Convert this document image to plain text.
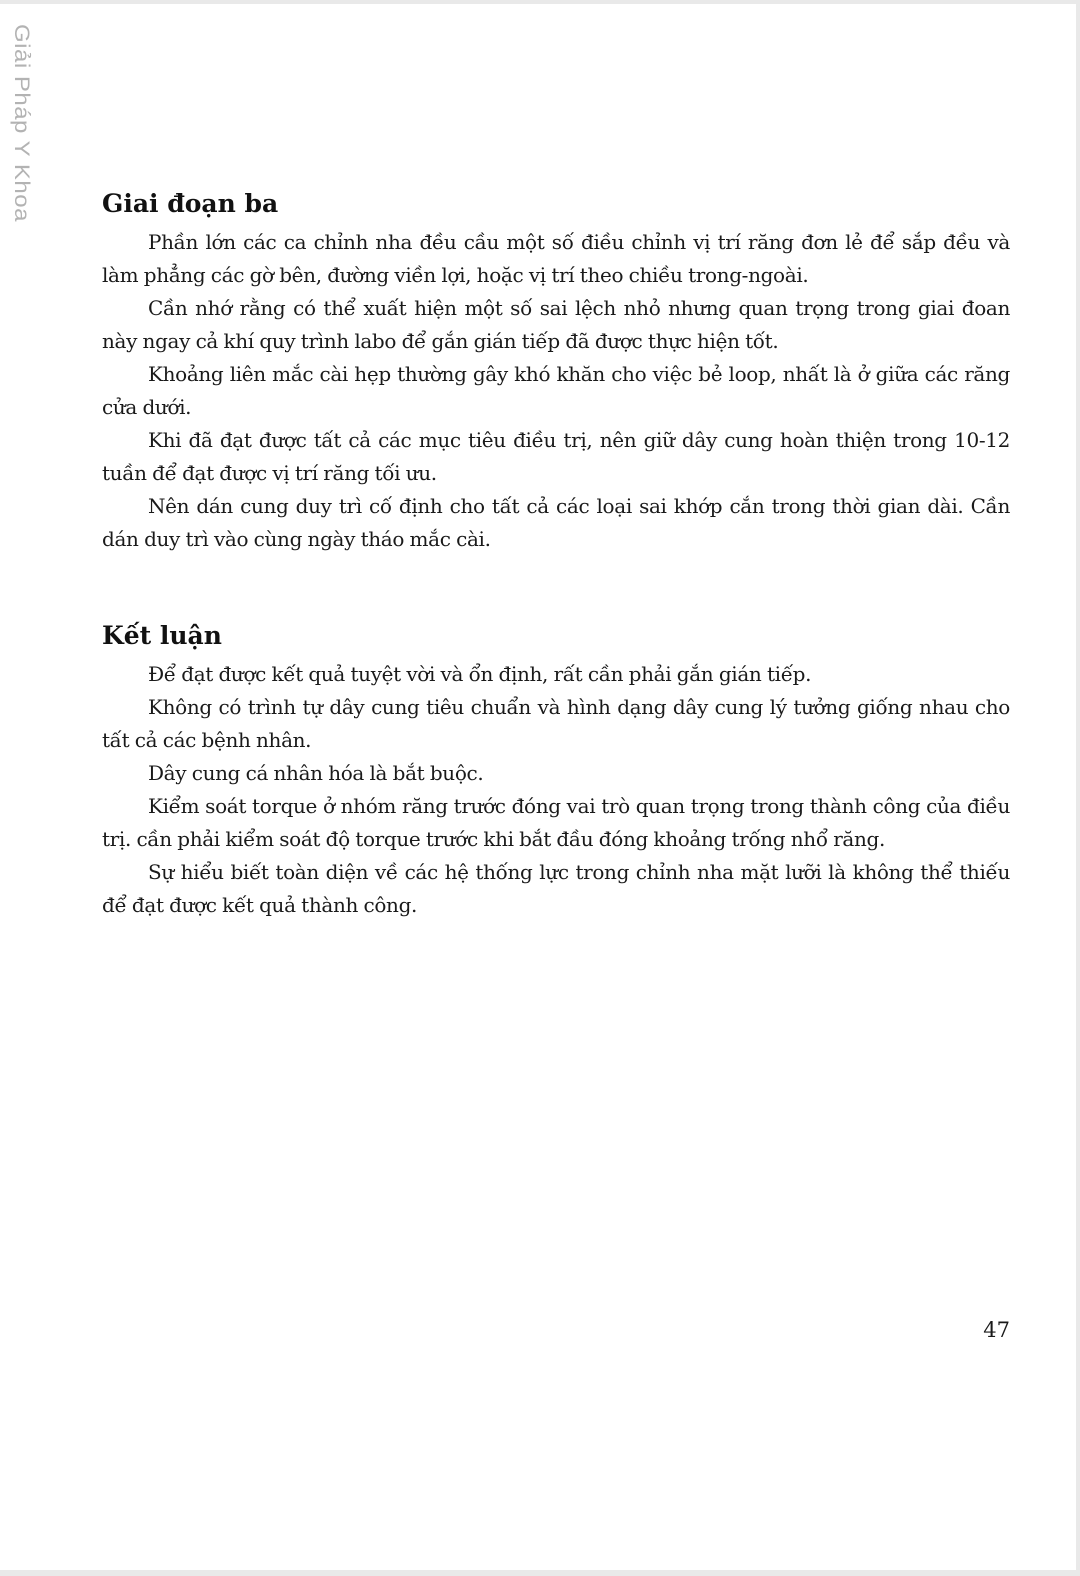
Giải Pháp Y Khoa	Giai đoạn ba

Phần lớn các ca chỉnh nha đều cầu một số điều chỉnh vị trí răng đơn lẻ để sắp đều và làm phẳng các gờ bên, đường viền lợi, hoặc vị trí theo chiều trong-ngoài.

Cần nhớ rằng có thể xuất hiện một số sai lệch nhỏ nhưng quan trọng trong giai đoan này ngay cả khí quy trình labo để gắn gián tiếp đã được thực hiện tốt.

Khoảng liên mắc cài hẹp thường gây khó khăn cho việc bẻ loop, nhất là ở giữa các răng cửa dưới.

Khi đã đạt được tất cả các mục tiêu điều trị, nên giữ dây cung hoàn thiện trong 10-12 tuần để đạt được vị trí răng tối ưu.

Nên dán cung duy trì cố định cho tất cả các loại sai khớp cắn trong thời gian dài. Cần dán duy trì vào cùng ngày tháo mắc cài.

Kết luận

Để đạt được kết quả tuyệt vời và ổn định, rất cần phải gắn gián tiếp.

Không có trình tự dây cung tiêu chuẩn và hình dạng dây cung lý tưởng giống nhau cho tất cả các bệnh nhân.

Dây cung cá nhân hóa là bắt buộc.

Kiểm soát torque ở nhóm răng trước đóng vai trò quan trọng trong thành công của điều trị. cần phải kiểm soát độ torque trước khi bắt đầu đóng khoảng trống nhổ răng.

Sự hiểu biết toàn diện về các hệ thống lực trong chỉnh nha mặt lưỡi là không thể thiếu để đạt được kết quả thành công.

47
